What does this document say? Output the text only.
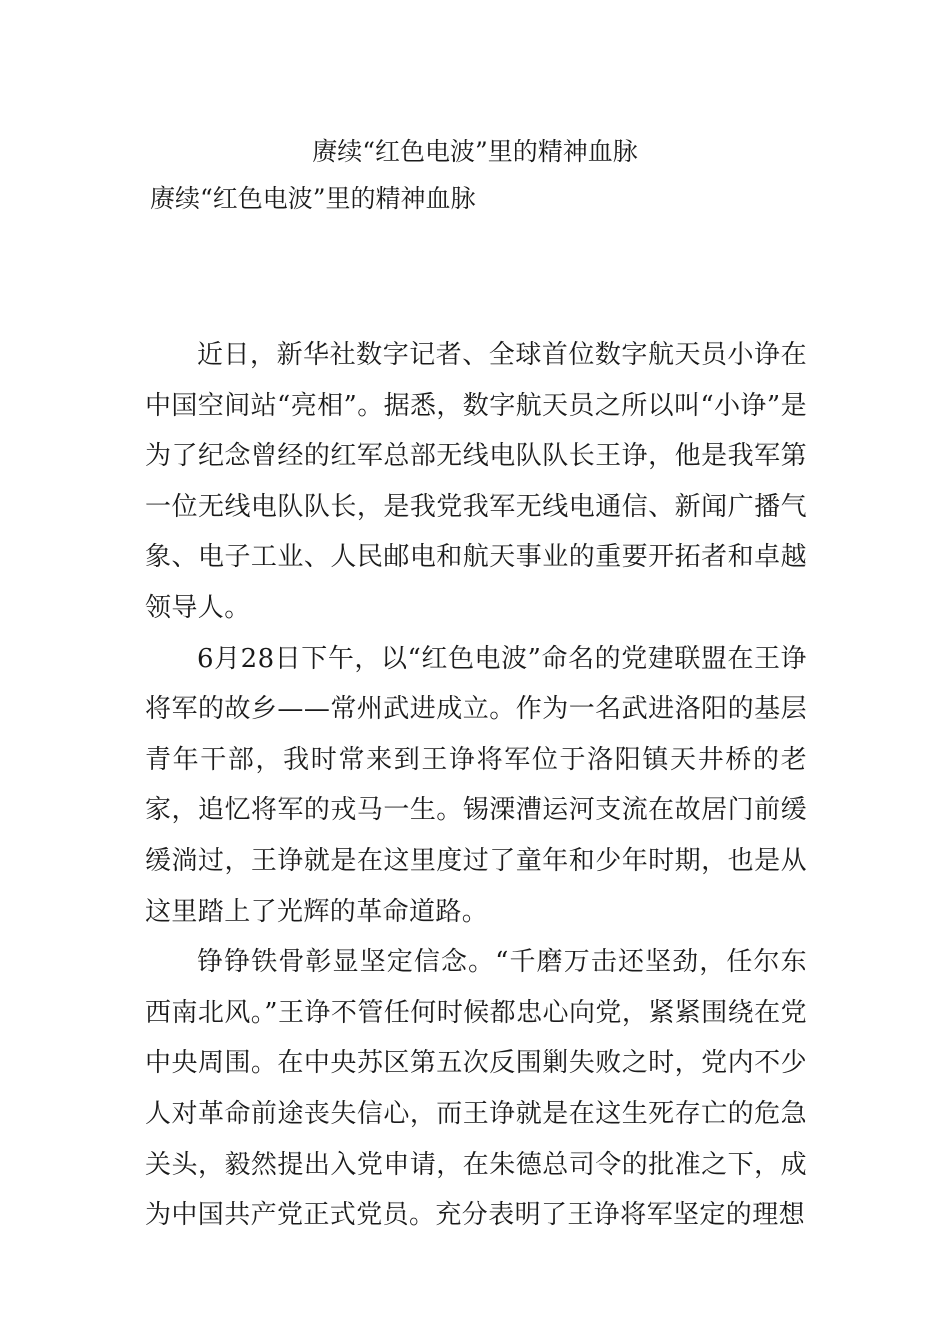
赓续“红色电波”里的精神血脉
赓续“红色电波”里的精神血脉

近日，新华社数字记者、全球首位数字航天员小诤在中国空间站“亮相”。据悉，数字航天员之所以叫“小诤”是为了纪念曾经的红军总部无线电队队长王诤，他是我军第一位无线电队队长，是我党我军无线电通信、新闻广播气象、电子工业、人民邮电和航天事业的重要开拓者和卓越领导人。

6月28日下午，以“红色电波”命名的党建联盟在王诤将军的故乡——常州武进成立。作为一名武进洛阳的基层青年干部，我时常来到王诤将军位于洛阳镇天井桥的老家，追忆将军的戎马一生。锡溧漕运河支流在故居门前缓缓淌过，王诤就是在这里度过了童年和少年时期，也是从这里踏上了光辉的革命道路。

铮铮铁骨彰显坚定信念。“千磨万击还坚劲，任尔东西南北风。”王诤不管任何时候都忠心向党，紧紧围绕在党中央周围。在中央苏区第五次反围剿失败之时，党内不少人对革命前途丧失信心，而王诤就是在这生死存亡的危急关头，毅然提出入党申请，在朱德总司令的批准之下，成为中国共产党正式党员。充分表明了王诤将军坚定的理想
